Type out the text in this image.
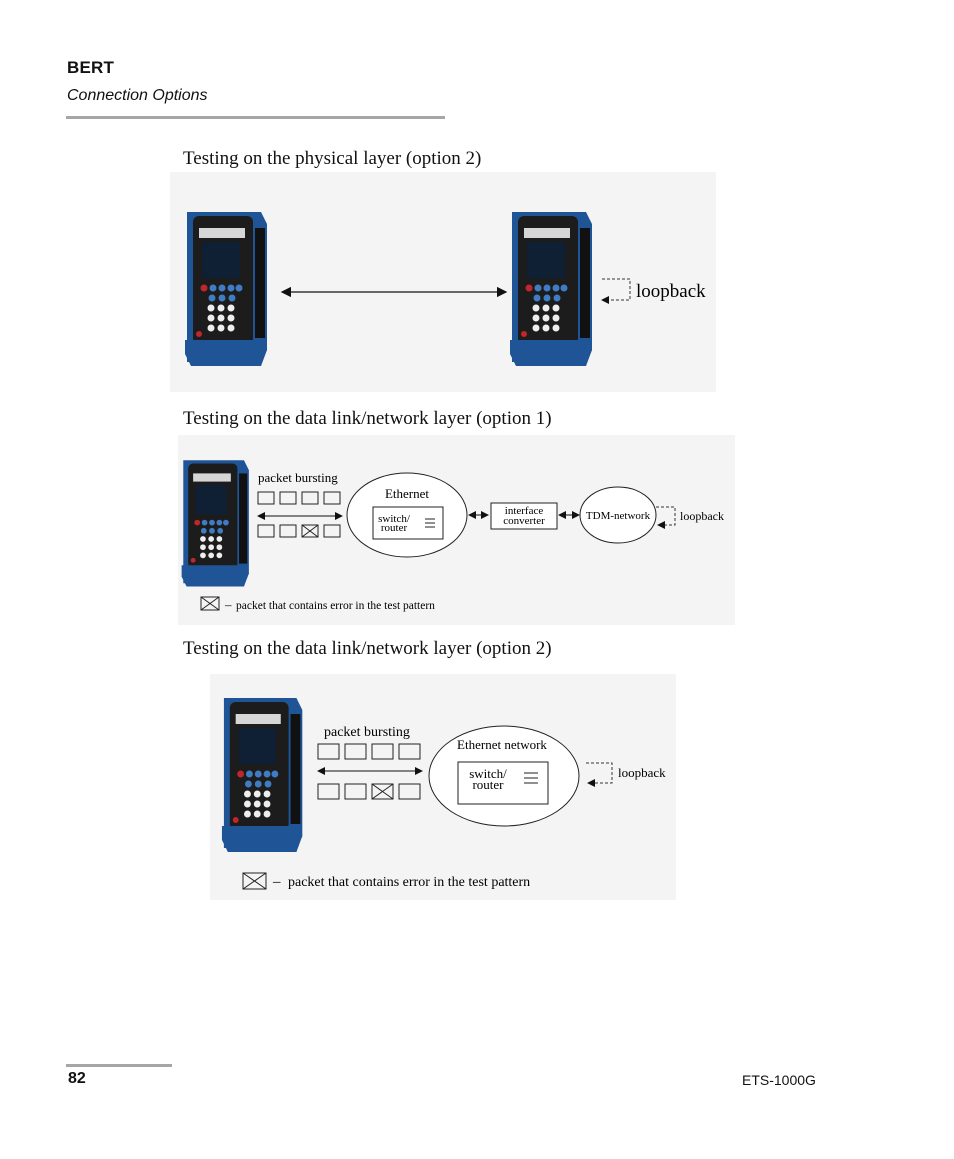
BERT
Connection Options
Testing on the physical layer (option 2)
loopback
Testing on the data link/network layer (option 1)
packet bursting
Ethernet
switch/
router
interface
converter	TDM-network loopback
– packet that contains error in the test pattern
Testing on the data link/network layer (option 2)
packet bursting
Ethernet network
switch/
router
loopback
– packet that contains error in the test pattern
82	ETS-1000G
